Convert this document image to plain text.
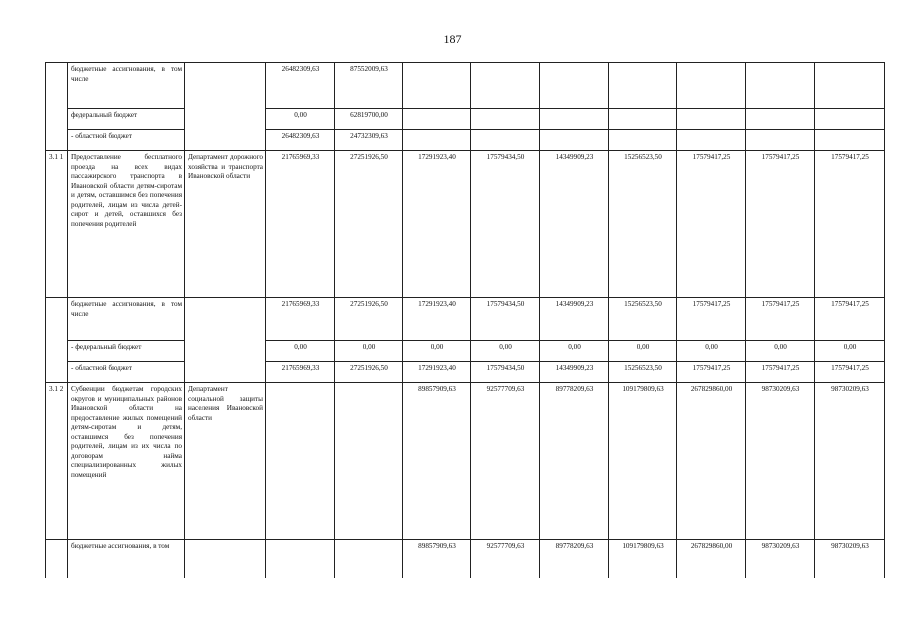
187
	бюджетные ассигнования, в том числе		26482309,63	87552009,63							
	федеральный бюджет		0,00	62819700,00							
	- областной бюджет		26482309,63	24732309,63							
3.1 1	Предоставление бесплатного проезда на всех видах пассажирского транспорта в Ивановской области детям-сиротам и детям, оставшимся без попечения родителей, лицам из числа детей-сирот и детей, оставшихся без попечения родителей	Департамент дорожного хозяйства и транспорта Ивановской области	21765969,33	27251926,50	17291923,40	17579434,50	14349909,23	15256523,50	17579417,25	17579417,25	17579417,25
	бюджетные ассигнования, в том числе		21765969,33	27251926,50	17291923,40	17579434,50	14349909,23	15256523,50	17579417,25	17579417,25	17579417,25
	- федеральный бюджет		0,00	0,00	0,00	0,00	0,00	0,00	0,00	0,00	0,00
	- областной бюджет		21765969,33	27251926,50	17291923,40	17579434,50	14349909,23	15256523,50	17579417,25	17579417,25	17579417,25
3.1 2	Субвенции бюджетам городских округов и муниципальных районов Ивановской области на предоставление жилых помещений детям-сиротам и детям, оставшимся без попечения родителей, лицам из их числа по договорам найма специализированных жилых помещений	Департамент социальной защиты населения Ивановской области			89857909,63	92577709,63	89778209,63	109179809,63	267829860,00	98730209,63	98730209,63
	бюджетные ассигнования, в том				89857909,63	92577709,63	89778209,63	109179809,63	267829860,00	98730209,63	98730209,63
